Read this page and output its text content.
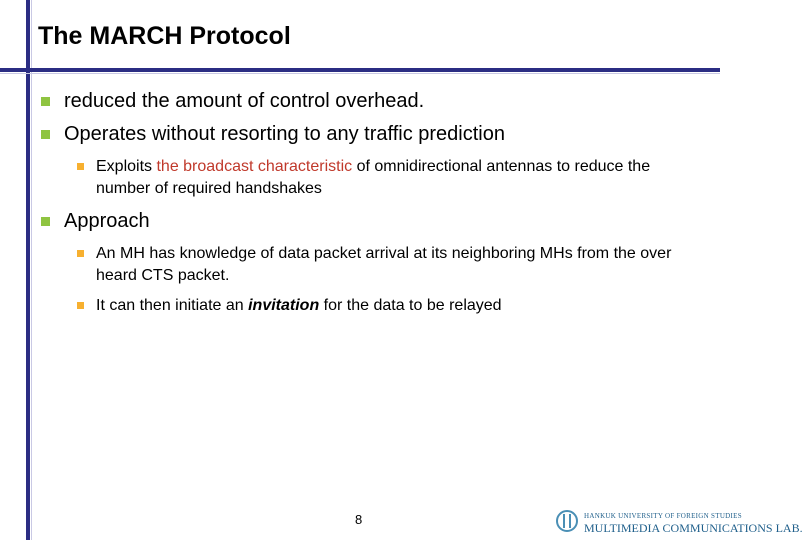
The MARCH Protocol
reduced the amount of control overhead.
Operates without resorting to any traffic prediction
Exploits the broadcast characteristic of omnidirectional antennas to reduce the number of required handshakes
Approach
An MH has knowledge of data packet arrival at its neighboring MHs from the over heard CTS packet.
It can then initiate an invitation for the data to be relayed
8	HANKUK UNIVERSITY OF FOREIGN STUDIES
MULTIMEDIA COMMUNICATIONS LAB.
